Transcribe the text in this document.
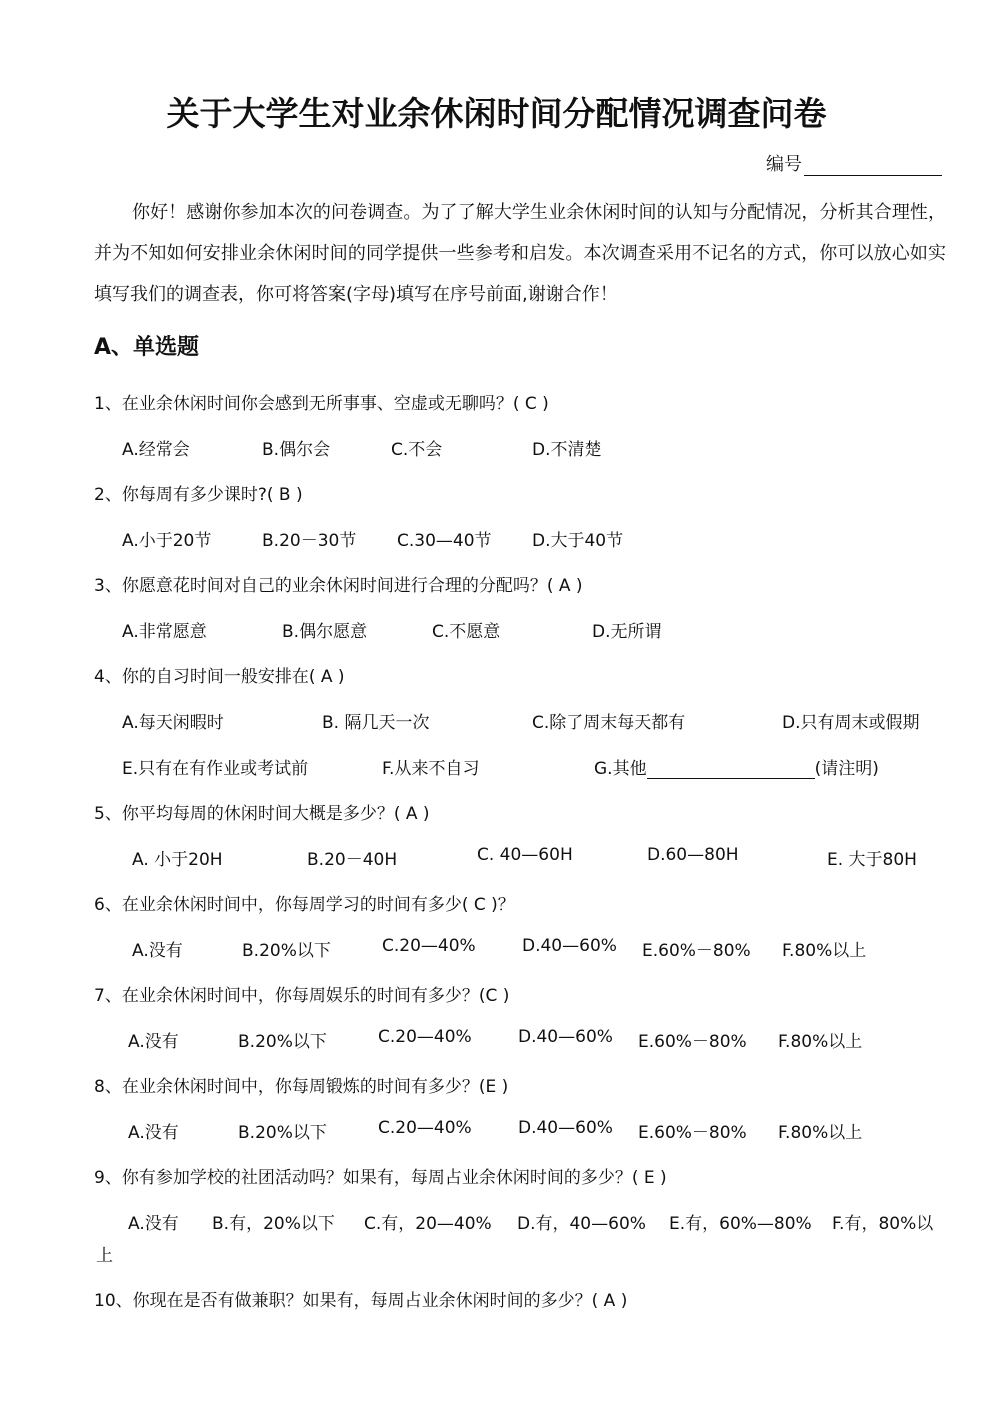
关于大学生对业余休闲时间分配情况调查问卷
编号

你好！感谢你参加本次的问卷调查。为了了解大学生业余休闲时间的认知与分配情况，分析其合理性，并为不知如何安排业余休闲时间的同学提供一些参考和启发。本次调查采用不记名的方式，你可以放心如实填写我们的调查表，你可将答案(字母)填写在序号前面,谢谢合作！

A、单选题
1、在业余休闲时间你会感到无所事事、空虚或无聊吗？( C )
A.经常会	B.偶尔会	C.不会	D.不清楚
2、你每周有多少课时?( B )
A.小于20节	B.20－30节 C.30—40节 D.大于40节
3、你愿意花时间对自己的业余休闲时间进行合理的分配吗？( A )
A.非常愿意	B.偶尔愿意	C.不愿意	D.无所谓
4、你的自习时间一般安排在( A )
A.每天闲暇时	B. 隔几天一次	C.除了周末每天都有	D.只有周末或假期
E.只有在有作业或考试前	F.从来不自习	G.其他	(请注明)
5、你平均每周的休闲时间大概是多少？( A )
A. 小于20H	B.20－40H	C. 40—60H	D.60—80H	E. 大于80H
6、在业余休闲时间中，你每周学习的时间有多少( C )？
A.没有	B.20%以下	C.20—40%	D.40—60% E.60%－80% F.80%以上
7、在业余休闲时间中，你每周娱乐的时间有多少？(C )
A.没有	B.20%以下	C.20—40%	D.40—60% E.60%－80% F.80%以上
8、在业余休闲时间中，你每周锻炼的时间有多少？(E )
A.没有	B.20%以下	C.20—40%	D.40—60% E.60%－80% F.80%以上
9、你有参加学校的社团活动吗？如果有，每周占业余休闲时间的多少？( E )
A.没有 B.有，20%以下 C.有，20—40% D.有，40—60% E.有，60%—80% F.有，80%以
上
10、你现在是否有做兼职？如果有，每周占业余休闲时间的多少？( A )
